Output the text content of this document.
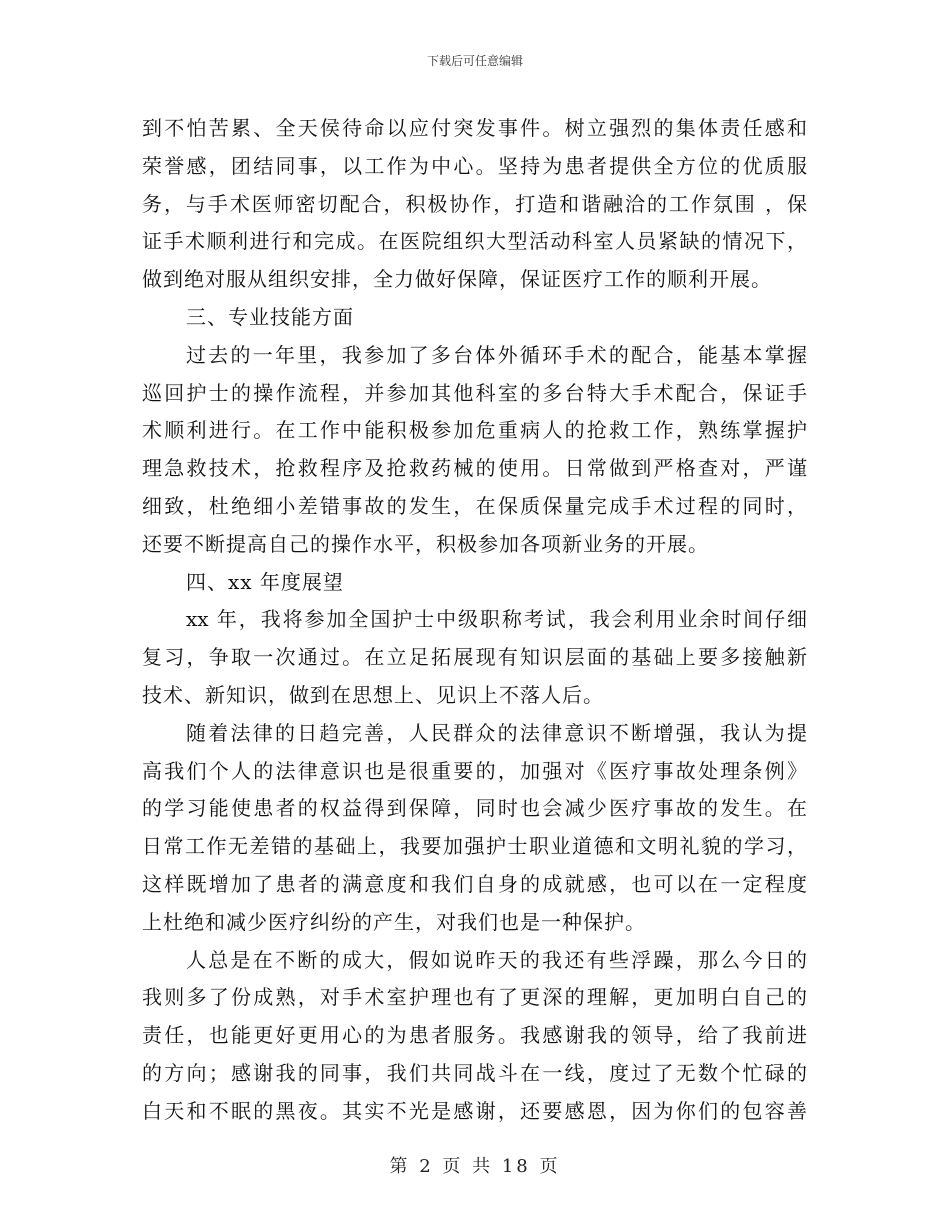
下载后可任意编辑
到不怕苦累、全天侯待命以应付突发事件。树立强烈的集体责任感和
荣誉感，团结同事，以工作为中心。坚持为患者提供全方位的优质服
务，与手术医师密切配合，积极协作，打造和谐融洽的工作氛围 ，保
证手术顺利进行和完成。在医院组织大型活动科室人员紧缺的情况下，
做到绝对服从组织安排，全力做好保障，保证医疗工作的顺利开展。
三、专业技能方面
过去的一年里，我参加了多台体外循环手术的配合，能基本掌握
巡回护士的操作流程，并参加其他科室的多台特大手术配合，保证手
术顺利进行。在工作中能积极参加危重病人的抢救工作，熟练掌握护
理急救技术，抢救程序及抢救药械的使用。日常做到严格查对，严谨
细致，杜绝细小差错事故的发生，在保质保量完成手术过程的同时，
还要不断提高自己的操作水平，积极参加各项新业务的开展。
四、xx 年度展望
xx 年，我将参加全国护士中级职称考试，我会利用业余时间仔细
复习，争取一次通过。在立足拓展现有知识层面的基础上要多接触新
技术、新知识，做到在思想上、见识上不落人后。
随着法律的日趋完善，人民群众的法律意识不断增强，我认为提
高我们个人的法律意识也是很重要的，加强对《医疗事故处理条例》
的学习能使患者的权益得到保障，同时也会减少医疗事故的发生。在
日常工作无差错的基础上，我要加强护士职业道德和文明礼貌的学习，
这样既增加了患者的满意度和我们自身的成就感，也可以在一定程度
上杜绝和减少医疗纠纷的产生，对我们也是一种保护。
人总是在不断的成大，假如说昨天的我还有些浮躁，那么今日的
我则多了份成熟，对手术室护理也有了更深的理解，更加明白自己的
责任，也能更好更用心的为患者服务。我感谢我的领导，给了我前进
的方向；感谢我的同事，我们共同战斗在一线，度过了无数个忙碌的
白天和不眠的黑夜。其实不光是感谢，还要感恩，因为你们的包容善
第 2 页 共 18 页
